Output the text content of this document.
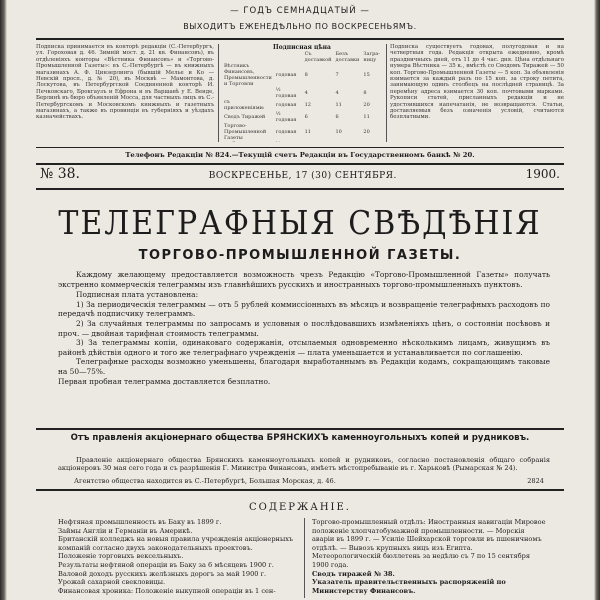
— ГОДЪ СЕМНАДЦАТЫЙ —
ВЫХОДИТЪ ЕЖЕНЕДѢЛЬНО ПО ВОСКРЕСЕНЬЯМЪ.
Подписка принимается въ конторѣ редакціи (С.-Петербургъ, ул. Гороховая д. 46. Зимній мост. д. 21 кв. Финансовъ), въ отдѣленіяхъ конторы «Вѣстника Финансовъ» и «Торгово-Промышленной Газеты»: въ С.-Петербургѣ — въ книжныхъ магазинахъ А. Ф. Цинзерлинга (бывшій Мелье и Ко — Невскій просп., д. № 20), въ Москвѣ — Мамонтова, д. Лоскутова, въ Петербургской Соединенной конторѣ И. Печковскаго, Брокгаузъ и Ефрона и въ Варшавѣ у Е. Венде, Берлинѣ въ бюро объявленій Мосса, для частныхъ лицъ въ С.-Петербургскомъ и Московскомъ книжныхъ и газетныхъ магазинахъ, а также въ провинціи въ губерніяхъ и уѣздахъ казначействахъ.
Подписная цѣна
		Съ доставкой	Безъ доставки	Заграницу
Вѣстникъ Финансовъ, Промышленности и Торговли	годовая	8	7	15
	½ годовая	4	4	8
съ приложеніями:	годовая	12	11	20
Сводъ Тиражей	½ годовая	6	6	11
Торгово-Промышленной Газеты	годовая	11	10	20

Подписка существуетъ годовая, полугодовая и на четвертныя года. Редакція открыта ежедневно, кромѣ праздничныхъ дней, отъ 11 до 4 час. дня. Цѣна отдѣльнаго нумера Вѣстника — 35 к., вмѣстѣ со Сводомъ Тиражей — 50 коп. Торгово-Промышленной Газеты — 5 коп. За объявленія взимается за каждый разъ по 15 коп. за строку петита, занимающую одинъ столбецъ на послѣдней страницѣ. За перемѣну адреса взимается 30 коп. почтовыми марками. Рукописи статей, присланныхъ редакціи и не удостоившихся напечатанія, не возвращаются. Статьи, доставляемыя безъ означенія условій, считаются безплатными.
Телефонъ Редакціи № 824.—Текущій счетъ Редакціи въ Государственномъ банкѣ № 20.
№ 38.	ВОСКРЕСЕНЬЕ, 17 (30) СЕНТЯБРЯ.	1900.
ТЕЛЕГРАФНЫЯ СВѢДѢНІЯ
ТОРГОВО-ПРОМЫШЛЕННОЙ ГАЗЕТЫ.
Каждому желающему предоставляется возможность чрезъ Редакцію «Торгово-Промышленной Газеты» получать экстренно коммерческія телеграммы изъ главнѣйшихъ русскихъ и иностранныхъ торгово-промышленныхъ пунктовъ.
Подписная плата установлена:
1) За периодическія телеграммы — отъ 5 рублей коммиссіонныхъ въ мѣсяцъ и возвращеніе телеграфныхъ расходовъ по передачѣ подписчику телеграммъ.
2) За случайныя телеграммы по запросамъ и условныя о послѣдовавшихъ измѣненіяхъ цѣнъ, о состояніи посѣвовъ и проч. — двойная тарифная стоимость телеграммы.
3) За телеграммы копіи, одинаковаго содержанія, отсылаемыя одновременно нѣсколькимъ лицамъ, живущимъ въ районѣ дѣйствія одного и того же телеграфнаго учрежденія — плата уменьшается и устанавливается по соглашенію.
Телеграфные расходы возможно уменьшены, благодаря выработаннымъ въ Редакціи кодамъ, сокращающимъ таковые на 50—75%.
Первая пробная телеграмма доставляется безплатно.
Отъ правленія акціонернаго общества БРЯНСКИХЪ каменноугольныхъ копей и рудниковъ.
Правленіе акціонернаго общества Брянскихъ каменноугольныхъ копей и рудниковъ, согласно постановленія общаго собранія акціонеровъ 30 мая сего года и съ разрѣшенія Г. Министра Финансовъ, имѣетъ мѣстопребываніе въ г. Харьковѣ (Рымарская № 24).
Агентство общества находится въ С.-Петербургѣ, Большая Морская, д. 46.	2824
СОДЕРЖАНІЕ.
Нефтяная промышленность въ Баку въ 1899 г.
Займы Англіи и Германіи въ Америкѣ.
Британскій колледжъ на новыя правила учрежденія акціонерныхъ компаній согласно двухъ законодательныхъ проектовъ.
Положеніе торговыхъ вексельныхъ.
Результаты нефтяной операціи въ Баку за 6 мѣсяцевъ 1900 г.
Валовой доходъ русскихъ желѣзныхъ дорогъ за май 1900 г.
Урожай сахарной свекловицы.
Финансовая хроника: Положеніе выкупной операціи въ 1 сен-
Торгово-промышленный отдѣлъ: Иностранныя навигаціи Мировое положеніе хлопчатобумажной промышленности. — Морскія аваріи въ 1899 г. — Усиліе Шейхарской торговли въ пшеничномъ отдѣлѣ. — Вывозъ крупныхъ яицъ изъ Египта.
Метеорологическій бюллетень за недѣлю съ 7 по 15 сентября 1900 года.
Сводъ тиражей № 38.
Указатель правительственныхъ распоряженій по Министерству Финансовъ.
